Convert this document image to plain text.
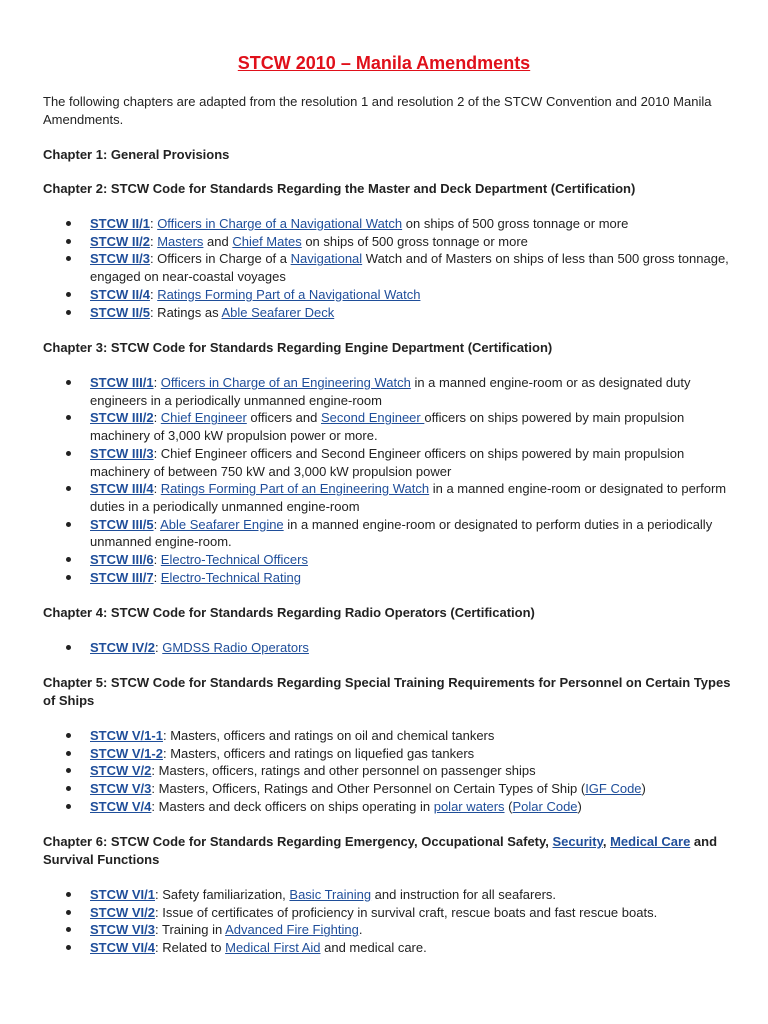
STCW 2010 – Manila Amendments
The following chapters are adapted from the resolution 1 and resolution 2 of the STCW Convention and 2010 Manila Amendments.
Chapter 1: General Provisions
Chapter 2: STCW Code for Standards Regarding the Master and Deck Department (Certification)
STCW II/1: Officers in Charge of a Navigational Watch on ships of 500 gross tonnage or more
STCW II/2: Masters and Chief Mates on ships of 500 gross tonnage or more
STCW II/3: Officers in Charge of a Navigational Watch and of Masters on ships of less than 500 gross tonnage, engaged on near-coastal voyages
STCW II/4: Ratings Forming Part of a Navigational Watch
STCW II/5: Ratings as Able Seafarer Deck
Chapter 3: STCW Code for Standards Regarding Engine Department (Certification)
STCW III/1: Officers in Charge of an Engineering Watch in a manned engine-room or as designated duty engineers in a periodically unmanned engine-room
STCW III/2: Chief Engineer officers and Second Engineer officers on ships powered by main propulsion machinery of 3,000 kW propulsion power or more.
STCW III/3: Chief Engineer officers and Second Engineer officers on ships powered by main propulsion machinery of between 750 kW and 3,000 kW propulsion power
STCW III/4: Ratings Forming Part of an Engineering Watch in a manned engine-room or designated to perform duties in a periodically unmanned engine-room
STCW III/5: Able Seafarer Engine in a manned engine-room or designated to perform duties in a periodically unmanned engine-room.
STCW III/6: Electro-Technical Officers
STCW III/7: Electro-Technical Rating
Chapter 4: STCW Code for Standards Regarding Radio Operators (Certification)
STCW IV/2: GMDSS Radio Operators
Chapter 5: STCW Code for Standards Regarding Special Training Requirements for Personnel on Certain Types of Ships
STCW V/1-1: Masters, officers and ratings on oil and chemical tankers
STCW V/1-2: Masters, officers and ratings on liquefied gas tankers
STCW V/2: Masters, officers, ratings and other personnel on passenger ships
STCW V/3: Masters, Officers, Ratings and Other Personnel on Certain Types of Ship (IGF Code)
STCW V/4: Masters and deck officers on ships operating in polar waters (Polar Code)
Chapter 6: STCW Code for Standards Regarding Emergency, Occupational Safety, Security, Medical Care and Survival Functions
STCW VI/1: Safety familiarization, Basic Training and instruction for all seafarers.
STCW VI/2: Issue of certificates of proficiency in survival craft, rescue boats and fast rescue boats.
STCW VI/3: Training in Advanced Fire Fighting.
STCW VI/4: Related to Medical First Aid and medical care.
